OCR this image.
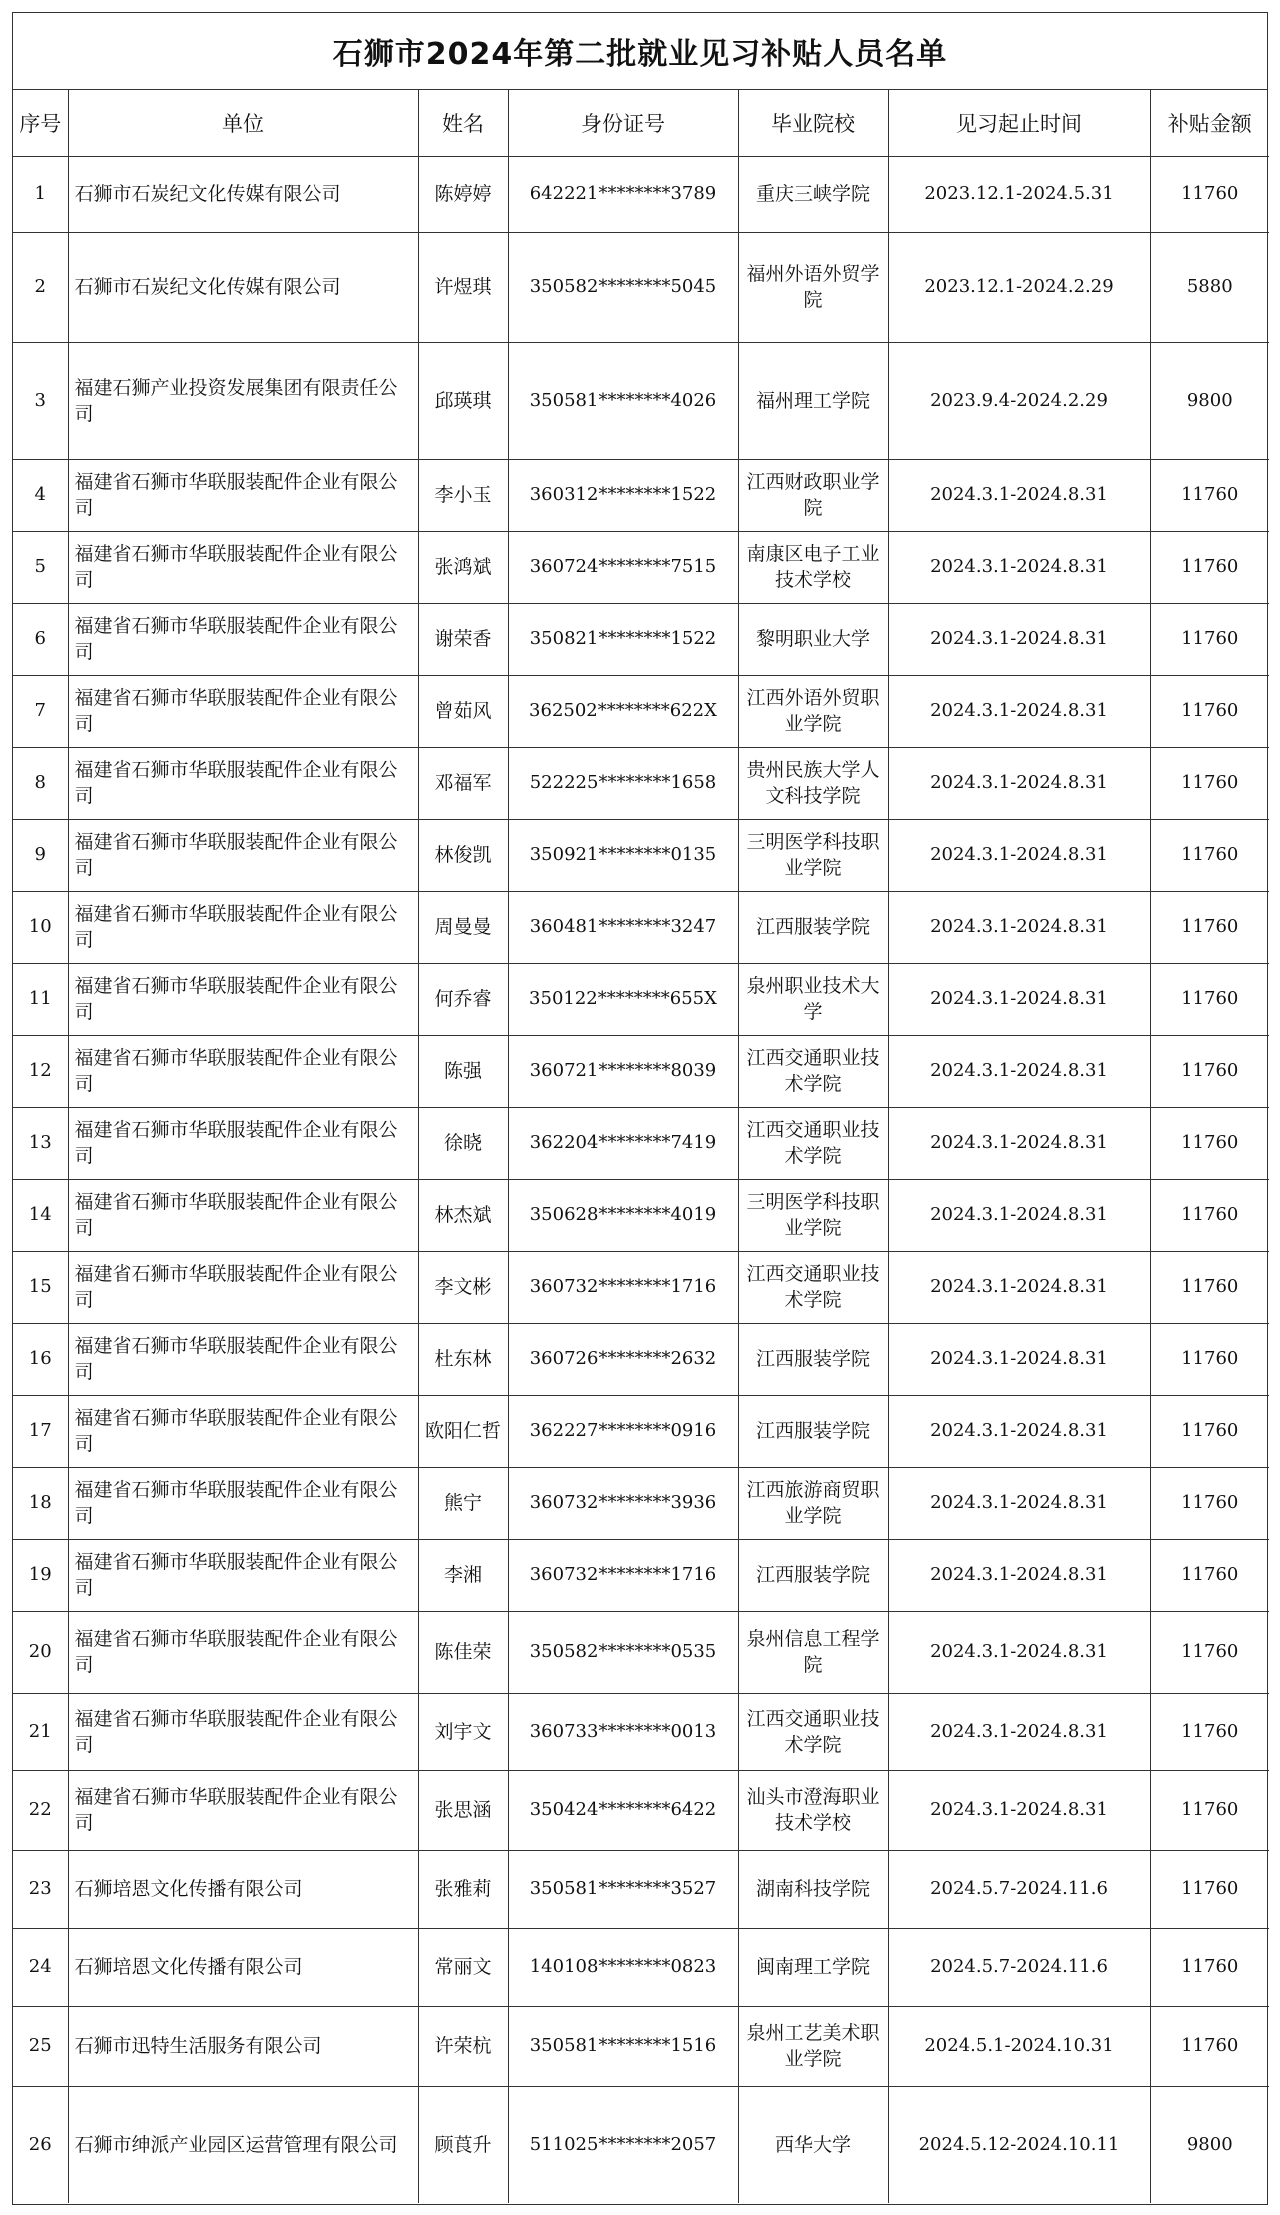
石狮市2024年第二批就业见习补贴人员名单
序号	单位	姓名	身份证号	毕业院校	见习起止时间	补贴金额
1	石狮市石炭纪文化传媒有限公司	陈婷婷	642221********3789	重庆三峡学院	2023.12.1-2024.5.31	11760
2	石狮市石炭纪文化传媒有限公司	许煜琪	350582********5045	福州外语外贸学院	2023.12.1-2024.2.29	5880
3	福建石狮产业投资发展集团有限责任公司	邱瑛琪	350581********4026	福州理工学院	2023.9.4-2024.2.29	9800
4	福建省石狮市华联服装配件企业有限公司	李小玉	360312********1522	江西财政职业学院	2024.3.1-2024.8.31	11760
5	福建省石狮市华联服装配件企业有限公司	张鸿斌	360724********7515	南康区电子工业技术学校	2024.3.1-2024.8.31	11760
6	福建省石狮市华联服装配件企业有限公司	谢荣香	350821********1522	黎明职业大学	2024.3.1-2024.8.31	11760
7	福建省石狮市华联服装配件企业有限公司	曾茹风	362502********622X	江西外语外贸职业学院	2024.3.1-2024.8.31	11760
8	福建省石狮市华联服装配件企业有限公司	邓福军	522225********1658	贵州民族大学人文科技学院	2024.3.1-2024.8.31	11760
9	福建省石狮市华联服装配件企业有限公司	林俊凯	350921********0135	三明医学科技职业学院	2024.3.1-2024.8.31	11760
10	福建省石狮市华联服装配件企业有限公司	周曼曼	360481********3247	江西服装学院	2024.3.1-2024.8.31	11760
11	福建省石狮市华联服装配件企业有限公司	何乔睿	350122********655X	泉州职业技术大学	2024.3.1-2024.8.31	11760
12	福建省石狮市华联服装配件企业有限公司	陈强	360721********8039	江西交通职业技术学院	2024.3.1-2024.8.31	11760
13	福建省石狮市华联服装配件企业有限公司	徐晓	362204********7419	江西交通职业技术学院	2024.3.1-2024.8.31	11760
14	福建省石狮市华联服装配件企业有限公司	林杰斌	350628********4019	三明医学科技职业学院	2024.3.1-2024.8.31	11760
15	福建省石狮市华联服装配件企业有限公司	李文彬	360732********1716	江西交通职业技术学院	2024.3.1-2024.8.31	11760
16	福建省石狮市华联服装配件企业有限公司	杜东林	360726********2632	江西服装学院	2024.3.1-2024.8.31	11760
17	福建省石狮市华联服装配件企业有限公司	欧阳仁哲	362227********0916	江西服装学院	2024.3.1-2024.8.31	11760
18	福建省石狮市华联服装配件企业有限公司	熊宁	360732********3936	江西旅游商贸职业学院	2024.3.1-2024.8.31	11760
19	福建省石狮市华联服装配件企业有限公司	李湘	360732********1716	江西服装学院	2024.3.1-2024.8.31	11760
20	福建省石狮市华联服装配件企业有限公司	陈佳荣	350582********0535	泉州信息工程学院	2024.3.1-2024.8.31	11760
21	福建省石狮市华联服装配件企业有限公司	刘宇文	360733********0013	江西交通职业技术学院	2024.3.1-2024.8.31	11760
22	福建省石狮市华联服装配件企业有限公司	张思涵	350424********6422	汕头市澄海职业技术学校	2024.3.1-2024.8.31	11760
23	石狮培恩文化传播有限公司	张雅莉	350581********3527	湖南科技学院	2024.5.7-2024.11.6	11760
24	石狮培恩文化传播有限公司	常丽文	140108********0823	闽南理工学院	2024.5.7-2024.11.6	11760
25	石狮市迅特生活服务有限公司	许荣杭	350581********1516	泉州工艺美术职业学院	2024.5.1-2024.10.31	11760
26	石狮市绅派产业园区运营管理有限公司	顾莨升	511025********2057	西华大学	2024.5.12-2024.10.11	9800
